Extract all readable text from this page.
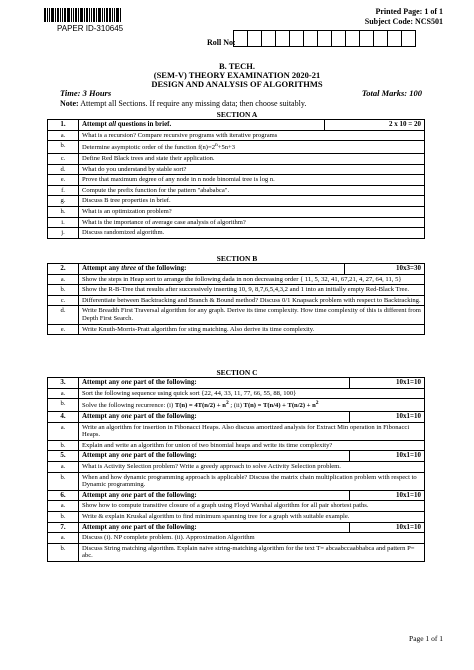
PAPER ID-310645
Printed Page: 1 of 1
Subject Code: NCS501
Roll No:
B. TECH.
(SEM-V) THEORY EXAMINATION 2020-21
DESIGN AND ANALYSIS OF ALGORITHMS
Time: 3 Hours	Total Marks: 100
Note: Attempt all Sections. If require any missing data; then choose suitably.
SECTION A
1.	Attempt all questions in brief.	2 x 10 = 20
a.	What is a recursion? Compare recursive programs with iterative programs	
b.	Determine asymptotic order of the function $f(n)=2^n+5n+3$	
c.	Define Red Black trees and state their application.	
d.	What do you understand by stable sort?	
e.	Prove that maximum degree of any node in n node binomial tree is log n.	
f.	Compute the prefix function for the pattern "abababca".	
g.	Discuss B tree properties in brief.	
h.	What is an optimization problem?	
i.	What is the importance of average case analysis of algorithm?	
j.	Discuss randomized algorithm.	
SECTION B
2.	Attempt any three of the following:	10x3=30
a.	Show the steps in Heap sort to arrange the following dada in non decreasing order { 11, 5, 32, 41, 67,21, 4, 27, 64, 11, 5}	
b.	Show the R-B-Tree that results after successively inserting 10, 9, 8,7,6,5,4,3,2 and 1 into an initially empty Red-Black Tree.	
c.	Differentiate between Backtracking and Branch & Bound method? Discuss 0/1 Knapsack problem with respect to Backtracking.	
d.	Write Breadth First Traversal algorithm for any graph. Derive its time complexity. How time complexity of this is different from Depth First Search.	
e.	Write Knuth-Morris-Pratt algorithm for sting matching. Also derive its time complexity.	
SECTION C
3.	Attempt any one part of the following:	10x1=10
a.	Sort the following sequence using quick sort {22, 44, 33, 11, 77, 66, 55, 88, 100}	
b.	Solve the following recurrence: (i) $T(n) = 4T(n/2) + n^2$ ; (ii) $T(n) = T(n/4) + T(n/2) + n^2$
4.	Attempt any one part of the following:	10x1=10
a.	Write an algorithm for insertion in Fibonacci Heaps. Also discuss amortized analysis for Extract Min operation in Fibonacci Heaps.	
b.	Explain and write an algorithm for union of two binomial heaps and write its time complexity?	
5.	Attempt any one part of the following:	10x1=10
a.	What is Activity Selection problem? Write a greedy approach to solve Activity Selection problem.	
b.	When and how dynamic programming approach is applicable? Discuss the matrix chain multiplication problem with respect to Dynamic programming.	
6.	Attempt any one part of the following:	10x1=10
a.	Show how to compute transitive closure of a graph using Floyd Warshal algorithm for all pair shortest paths.	
b.	Write & explain Kruskal algorithm to find minimum spanning tree for a graph with suitable example.	
7.	Attempt any one part of the following:	10x1=10
a.	Discuss (i). NP complete problem. (ii). Approximation Algorithm	
b.	Discuss String matching algorithm. Explain naive string-matching algorithm for the text T= abcaabccaabbabca and pattern P= abc.	
Page 1 of 1
